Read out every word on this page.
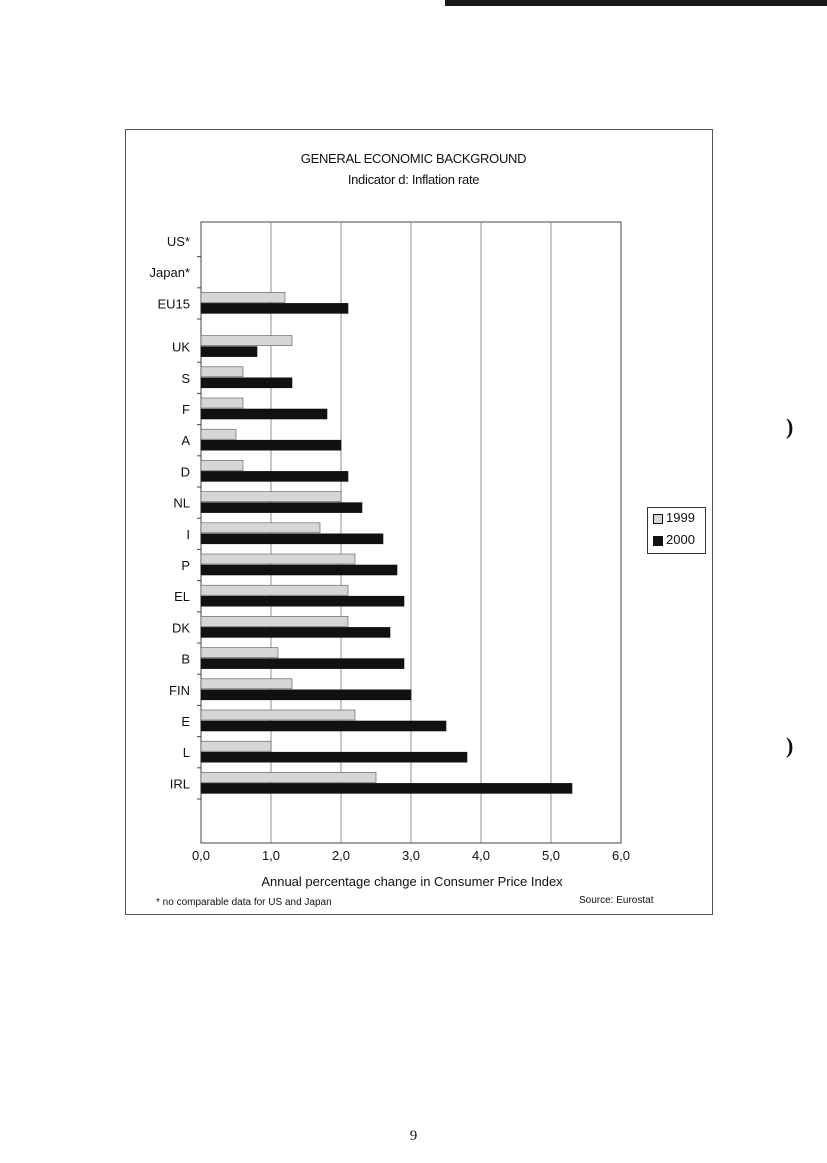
GENERAL ECONOMIC BACKGROUND
Indicator d: Inflation rate
0,0	1,0	2,0	3,0	4,0	5,0	6,0
Annual percentage change in Consumer Price Index
US*
Japan*
EU15
UK
S
F
A
D
NL
I
P
EL
DK
B
FIN
E
L
IRL
1999
2000
* no comparable data for US and Japan	Source: Eurostat
)
)
9
